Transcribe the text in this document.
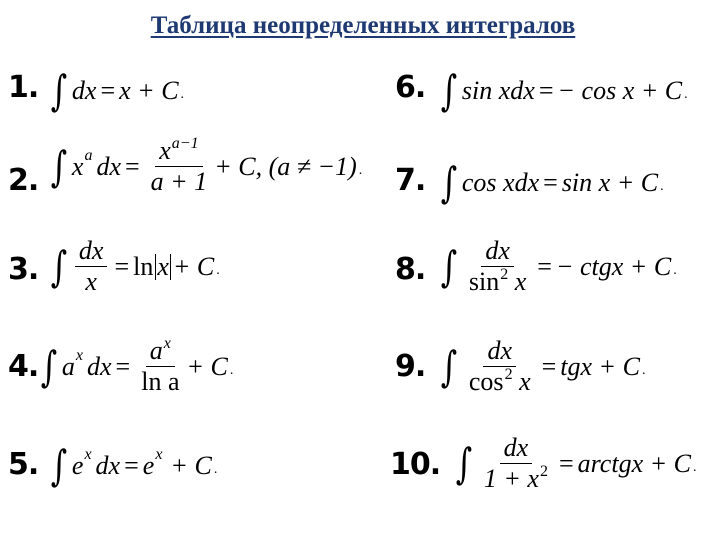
Таблица неопределенных интегралов
1. ∫ dx = x + C .
2. ∫ x a dx = $\frac{x^{a-1}}{a + 1} + C$, (a ≠ −1) .
3. ∫ $\frac{dx}{x} = \ln x + C$ .
4. ∫ a x dx = $\frac{a^x}{\text{ln a}} + C$ .
5. ∫ e x dx = e x + C .
6. ∫ sin xdx = − cos x + C .
7. ∫ cos xdx = sin x + C .
8. ∫ $\frac{dx}{\sin^2 x}$ = − ctgx + C .
9. ∫ $\frac{dx}{\cos^2 x}$ = tgx + C .
10. ∫ $\frac{dx}{1 + x^2}$ = arctgx + C .
